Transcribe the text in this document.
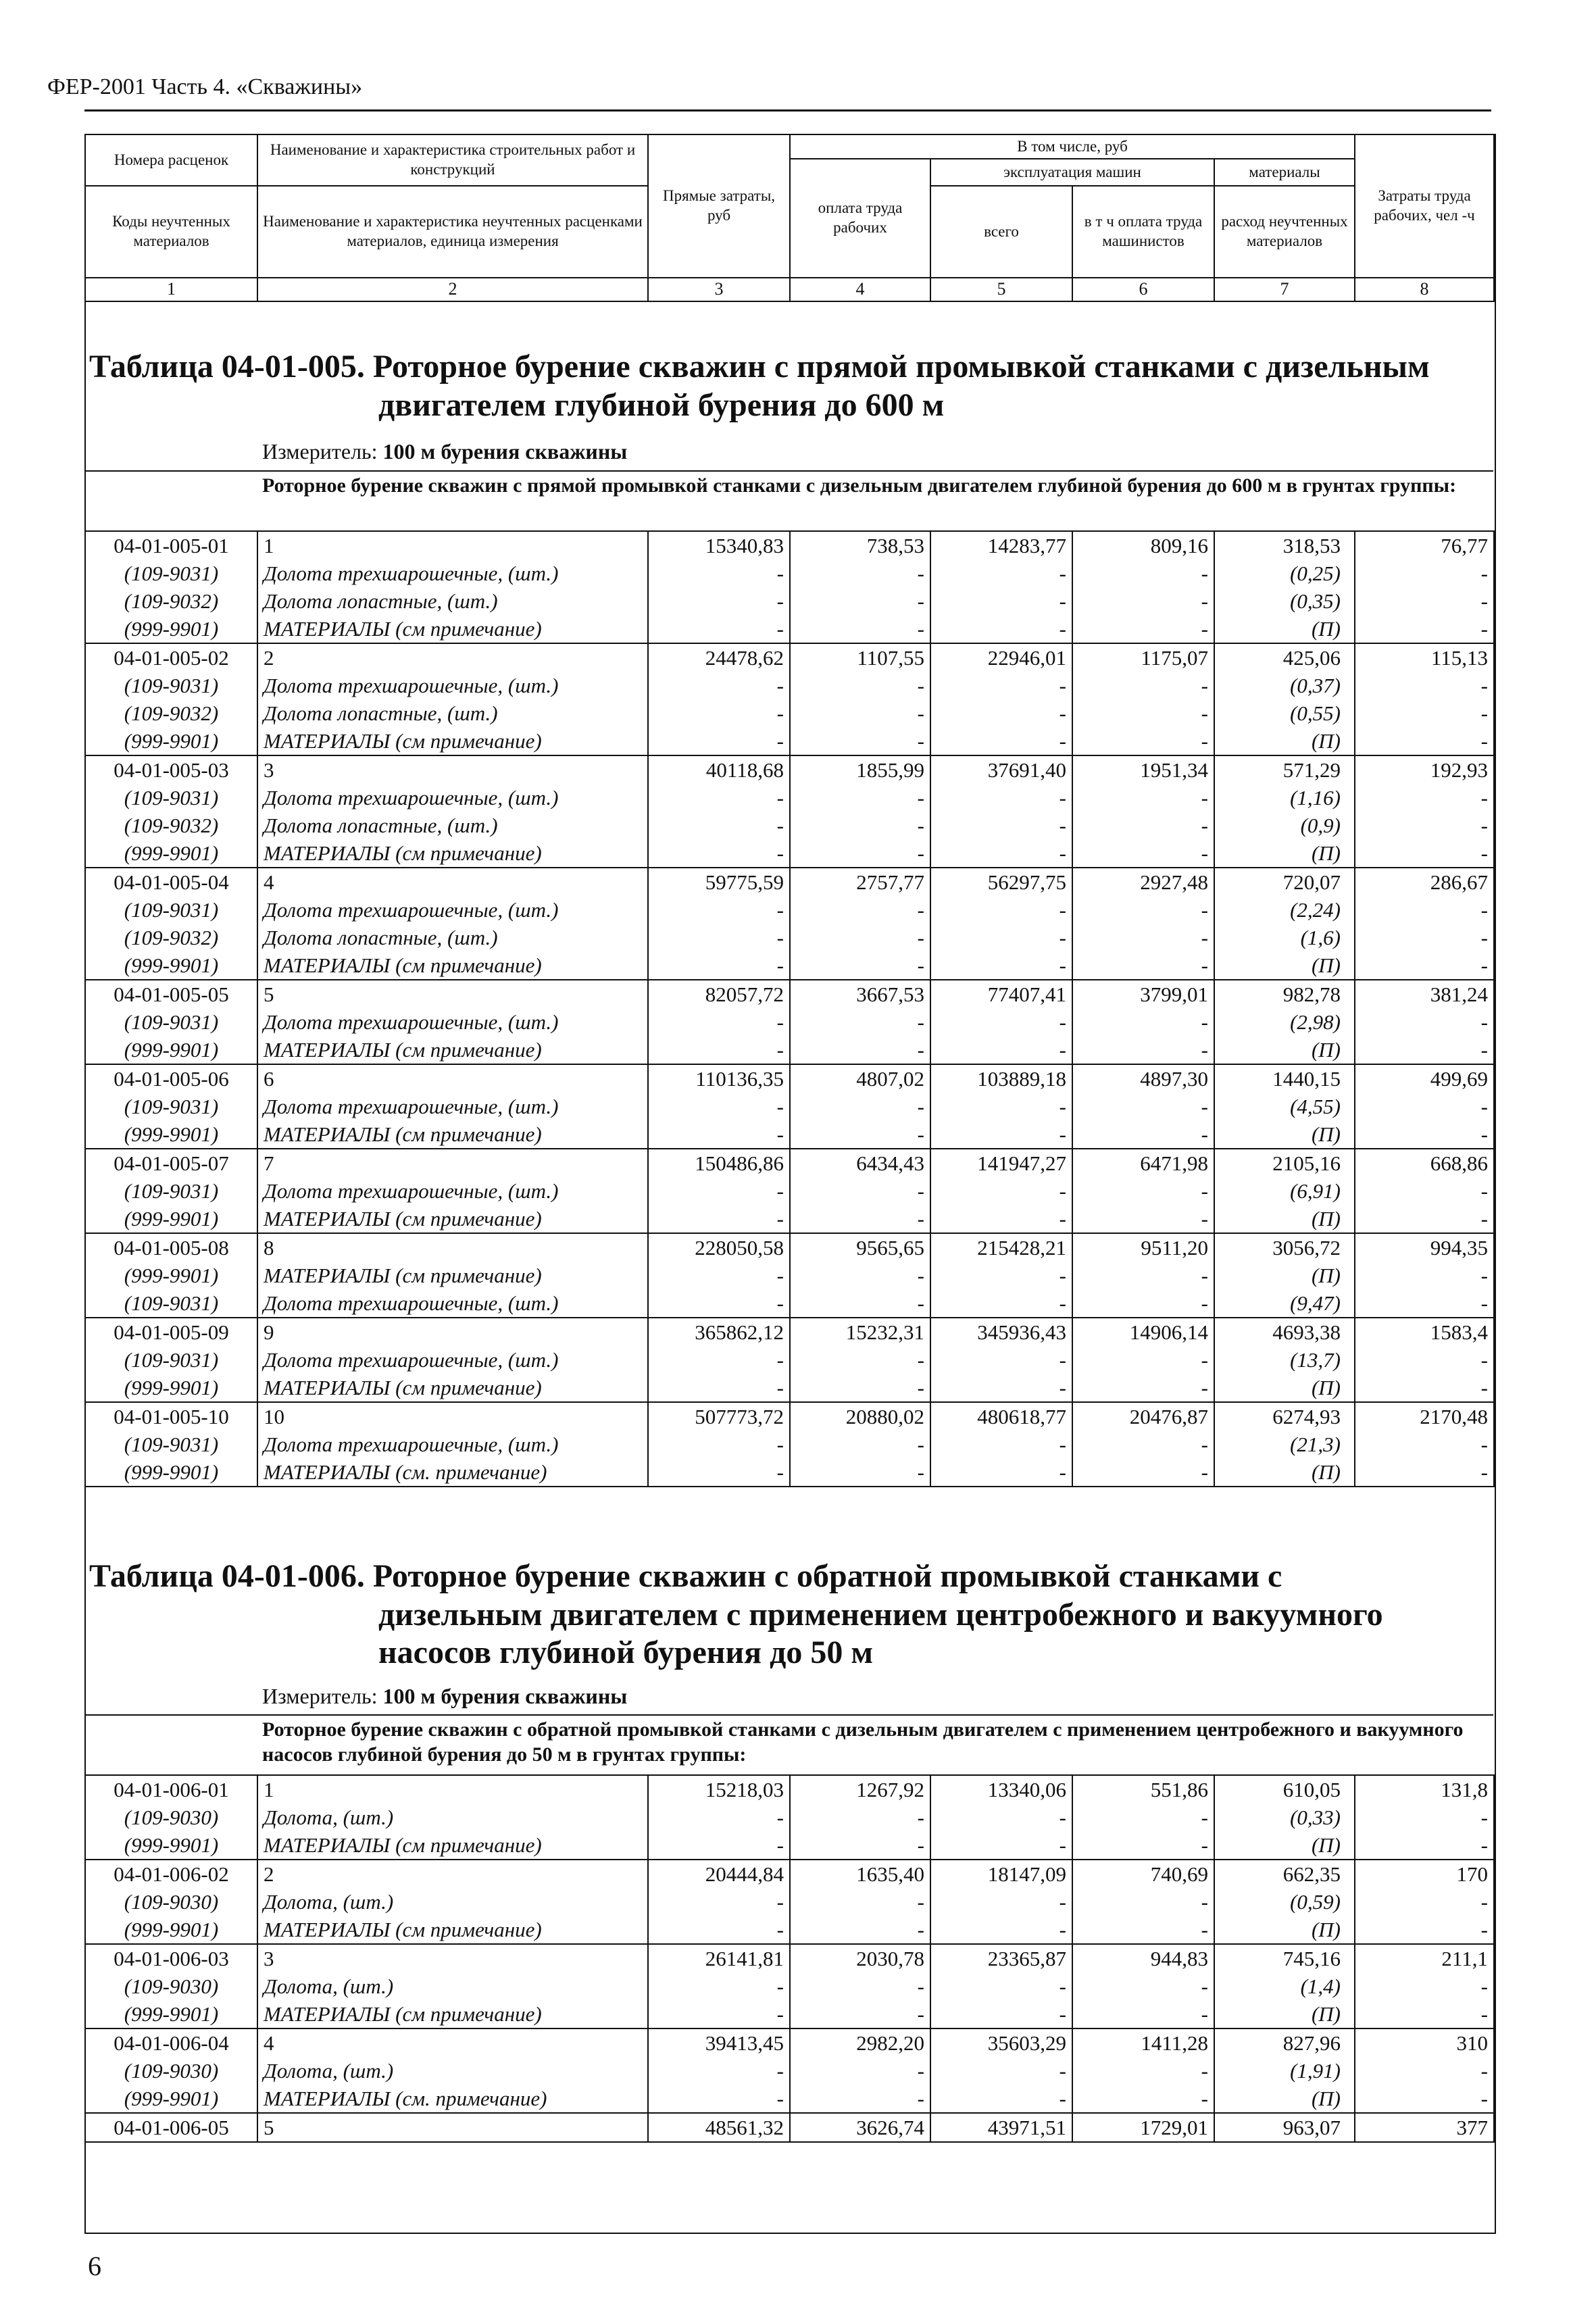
ФЕР-2001 Часть 4. «Скважины»
Номера расценок	Наименование и характеристика строительных работ и конструкций	Прямые затраты, руб	В том числе, руб				Затраты труда рабочих, чел -ч
			оплата труда рабочих	эксплуатация машин		материалы	
Коды неучтенных материалов	Наименование и характеристика неучтенных расценками материалов, единица измерения			всего	в т ч оплата труда машинистов	расход неучтенных материалов	

1	2	3	4	5	6	7	8
Таблица 04-01-005. Роторное бурение скважин с прямой промывкой станками с дизельным
двигателем глубиной бурения до 600 м
Измеритель: 100 м бурения скважины
Роторное бурение скважин с прямой промывкой станками с дизельным двигателем глубиной бурения до 600 м в грунтах группы:
04-01-005-01	1	15340,83	738,53	14283,77	809,16	318,53	76,77
(109-9031)	Долота трехшарошечные, (шт.)	-	-	-	-	(0,25)	-
(109-9032)	Долота лопастные, (шт.)	-	-	-	-	(0,35)	-
(999-9901)	МАТЕРИАЛЫ (см примечание)	-	-	-	-	(П)	-
04-01-005-02	2	24478,62	1107,55	22946,01	1175,07	425,06	115,13
(109-9031)	Долота трехшарошечные, (шт.)	-	-	-	-	(0,37)	-
(109-9032)	Долота лопастные, (шт.)	-	-	-	-	(0,55)	-
(999-9901)	МАТЕРИАЛЫ (см примечание)	-	-	-	-	(П)	-
04-01-005-03	3	40118,68	1855,99	37691,40	1951,34	571,29	192,93
(109-9031)	Долота трехшарошечные, (шт.)	-	-	-	-	(1,16)	-
(109-9032)	Долота лопастные, (шт.)	-	-	-	-	(0,9)	-
(999-9901)	МАТЕРИАЛЫ (см примечание)	-	-	-	-	(П)	-
04-01-005-04	4	59775,59	2757,77	56297,75	2927,48	720,07	286,67
(109-9031)	Долота трехшарошечные, (шт.)	-	-	-	-	(2,24)	-
(109-9032)	Долота лопастные, (шт.)	-	-	-	-	(1,6)	-
(999-9901)	МАТЕРИАЛЫ (см примечание)	-	-	-	-	(П)	-
04-01-005-05	5	82057,72	3667,53	77407,41	3799,01	982,78	381,24
(109-9031)	Долота трехшарошечные, (шт.)	-	-	-	-	(2,98)	-
(999-9901)	МАТЕРИАЛЫ (см примечание)	-	-	-	-	(П)	-
04-01-005-06	6	110136,35	4807,02	103889,18	4897,30	1440,15	499,69
(109-9031)	Долота трехшарошечные, (шт.)	-	-	-	-	(4,55)	-
(999-9901)	МАТЕРИАЛЫ (см примечание)	-	-	-	-	(П)	-
04-01-005-07	7	150486,86	6434,43	141947,27	6471,98	2105,16	668,86
(109-9031)	Долота трехшарошечные, (шт.)	-	-	-	-	(6,91)	-
(999-9901)	МАТЕРИАЛЫ (см примечание)	-	-	-	-	(П)	-
04-01-005-08	8	228050,58	9565,65	215428,21	9511,20	3056,72	994,35
(999-9901)	МАТЕРИАЛЫ (см примечание)	-	-	-	-	(П)	-
(109-9031)	Долота трехшарошечные, (шт.)	-	-	-	-	(9,47)	-
04-01-005-09	9	365862,12	15232,31	345936,43	14906,14	4693,38	1583,4
(109-9031)	Долота трехшарошечные, (шт.)	-	-	-	-	(13,7)	-
(999-9901)	МАТЕРИАЛЫ (см примечание)	-	-	-	-	(П)	-
04-01-005-10	10	507773,72	20880,02	480618,77	20476,87	6274,93	2170,48
(109-9031)	Долота трехшарошечные, (шт.)	-	-	-	-	(21,3)	-
(999-9901)	МАТЕРИАЛЫ (см. примечание)	-	-	-	-	(П)	-
Таблица 04-01-006. Роторное бурение скважин с обратной промывкой станками с
дизельным двигателем с применением центробежного и вакуумного
насосов глубиной бурения до 50 м
Измеритель: 100 м бурения скважины
Роторное бурение скважин с обратной промывкой станками с дизельным двигателем с применением центробежного и вакуумного насосов глубиной бурения до 50 м в грунтах группы:
04-01-006-01	1	15218,03	1267,92	13340,06	551,86	610,05	131,8
(109-9030)	Долота, (шт.)	-	-	-	-	(0,33)	-
(999-9901)	МАТЕРИАЛЫ (см примечание)	-	-	-	-	(П)	-
04-01-006-02	2	20444,84	1635,40	18147,09	740,69	662,35	170
(109-9030)	Долота, (шт.)	-	-	-	-	(0,59)	-
(999-9901)	МАТЕРИАЛЫ (см примечание)	-	-	-	-	(П)	-
04-01-006-03	3	26141,81	2030,78	23365,87	944,83	745,16	211,1
(109-9030)	Долота, (шт.)	-	-	-	-	(1,4)	-
(999-9901)	МАТЕРИАЛЫ (см примечание)	-	-	-	-	(П)	-
04-01-006-04	4	39413,45	2982,20	35603,29	1411,28	827,96	310
(109-9030)	Долота, (шт.)	-	-	-	-	(1,91)	-
(999-9901)	МАТЕРИАЛЫ (см. примечание)	-	-	-	-	(П)	-
04-01-006-05	5	48561,32	3626,74	43971,51	1729,01	963,07	377
6
